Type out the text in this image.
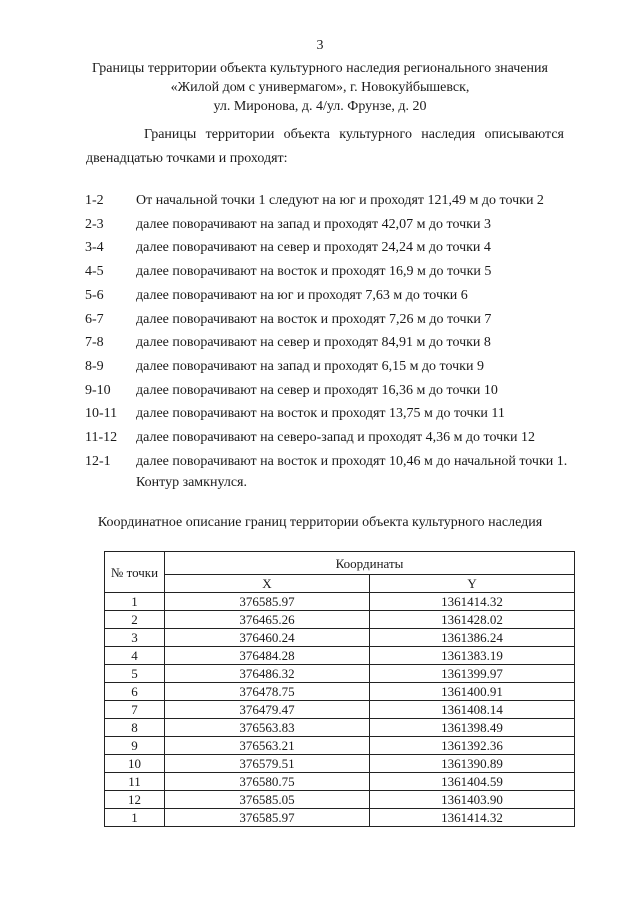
3
Границы территории объекта культурного наследия регионального значения
«Жилой дом с универмагом», г. Новокуйбышевск,
ул. Миронова, д. 4/ул. Фрунзе, д. 20
Границы территории объекта культурного наследия описываются
двенадцатью точками и проходят:
1-2 От начальной точки 1 следуют на юг и проходят 121,49 м до точки 2
2-3 далее поворачивают на запад и проходят 42,07 м до точки 3
3-4 далее поворачивают на север и проходят 24,24 м до точки 4
4-5 далее поворачивают на восток и проходят 16,9 м до точки 5
5-6 далее поворачивают на юг и проходят 7,63 м до точки 6
6-7 далее поворачивают на восток и проходят 7,26 м до точки 7
7-8 далее поворачивают на север и проходят 84,91 м до точки 8
8-9 далее поворачивают на запад и проходят 6,15 м до точки 9
9-10 далее поворачивают на север и проходят 16,36 м до точки 10
10-11 далее поворачивают на восток и проходят 13,75 м до точки 11
11-12 далее поворачивают на северо-запад и проходят 4,36 м до точки 12
12-1 далее поворачивают на восток и проходят 10,46 м до начальной точки 1.
Контур замкнулся.
Координатное описание границ территории объекта культурного наследия
№ точки	Координаты	
	X	Y
1	376585.97	1361414.32
2	376465.26	1361428.02
3	376460.24	1361386.24
4	376484.28	1361383.19
5	376486.32	1361399.97
6	376478.75	1361400.91
7	376479.47	1361408.14
8	376563.83	1361398.49
9	376563.21	1361392.36
10	376579.51	1361390.89
11	376580.75	1361404.59
12	376585.05	1361403.90
1	376585.97	1361414.32
